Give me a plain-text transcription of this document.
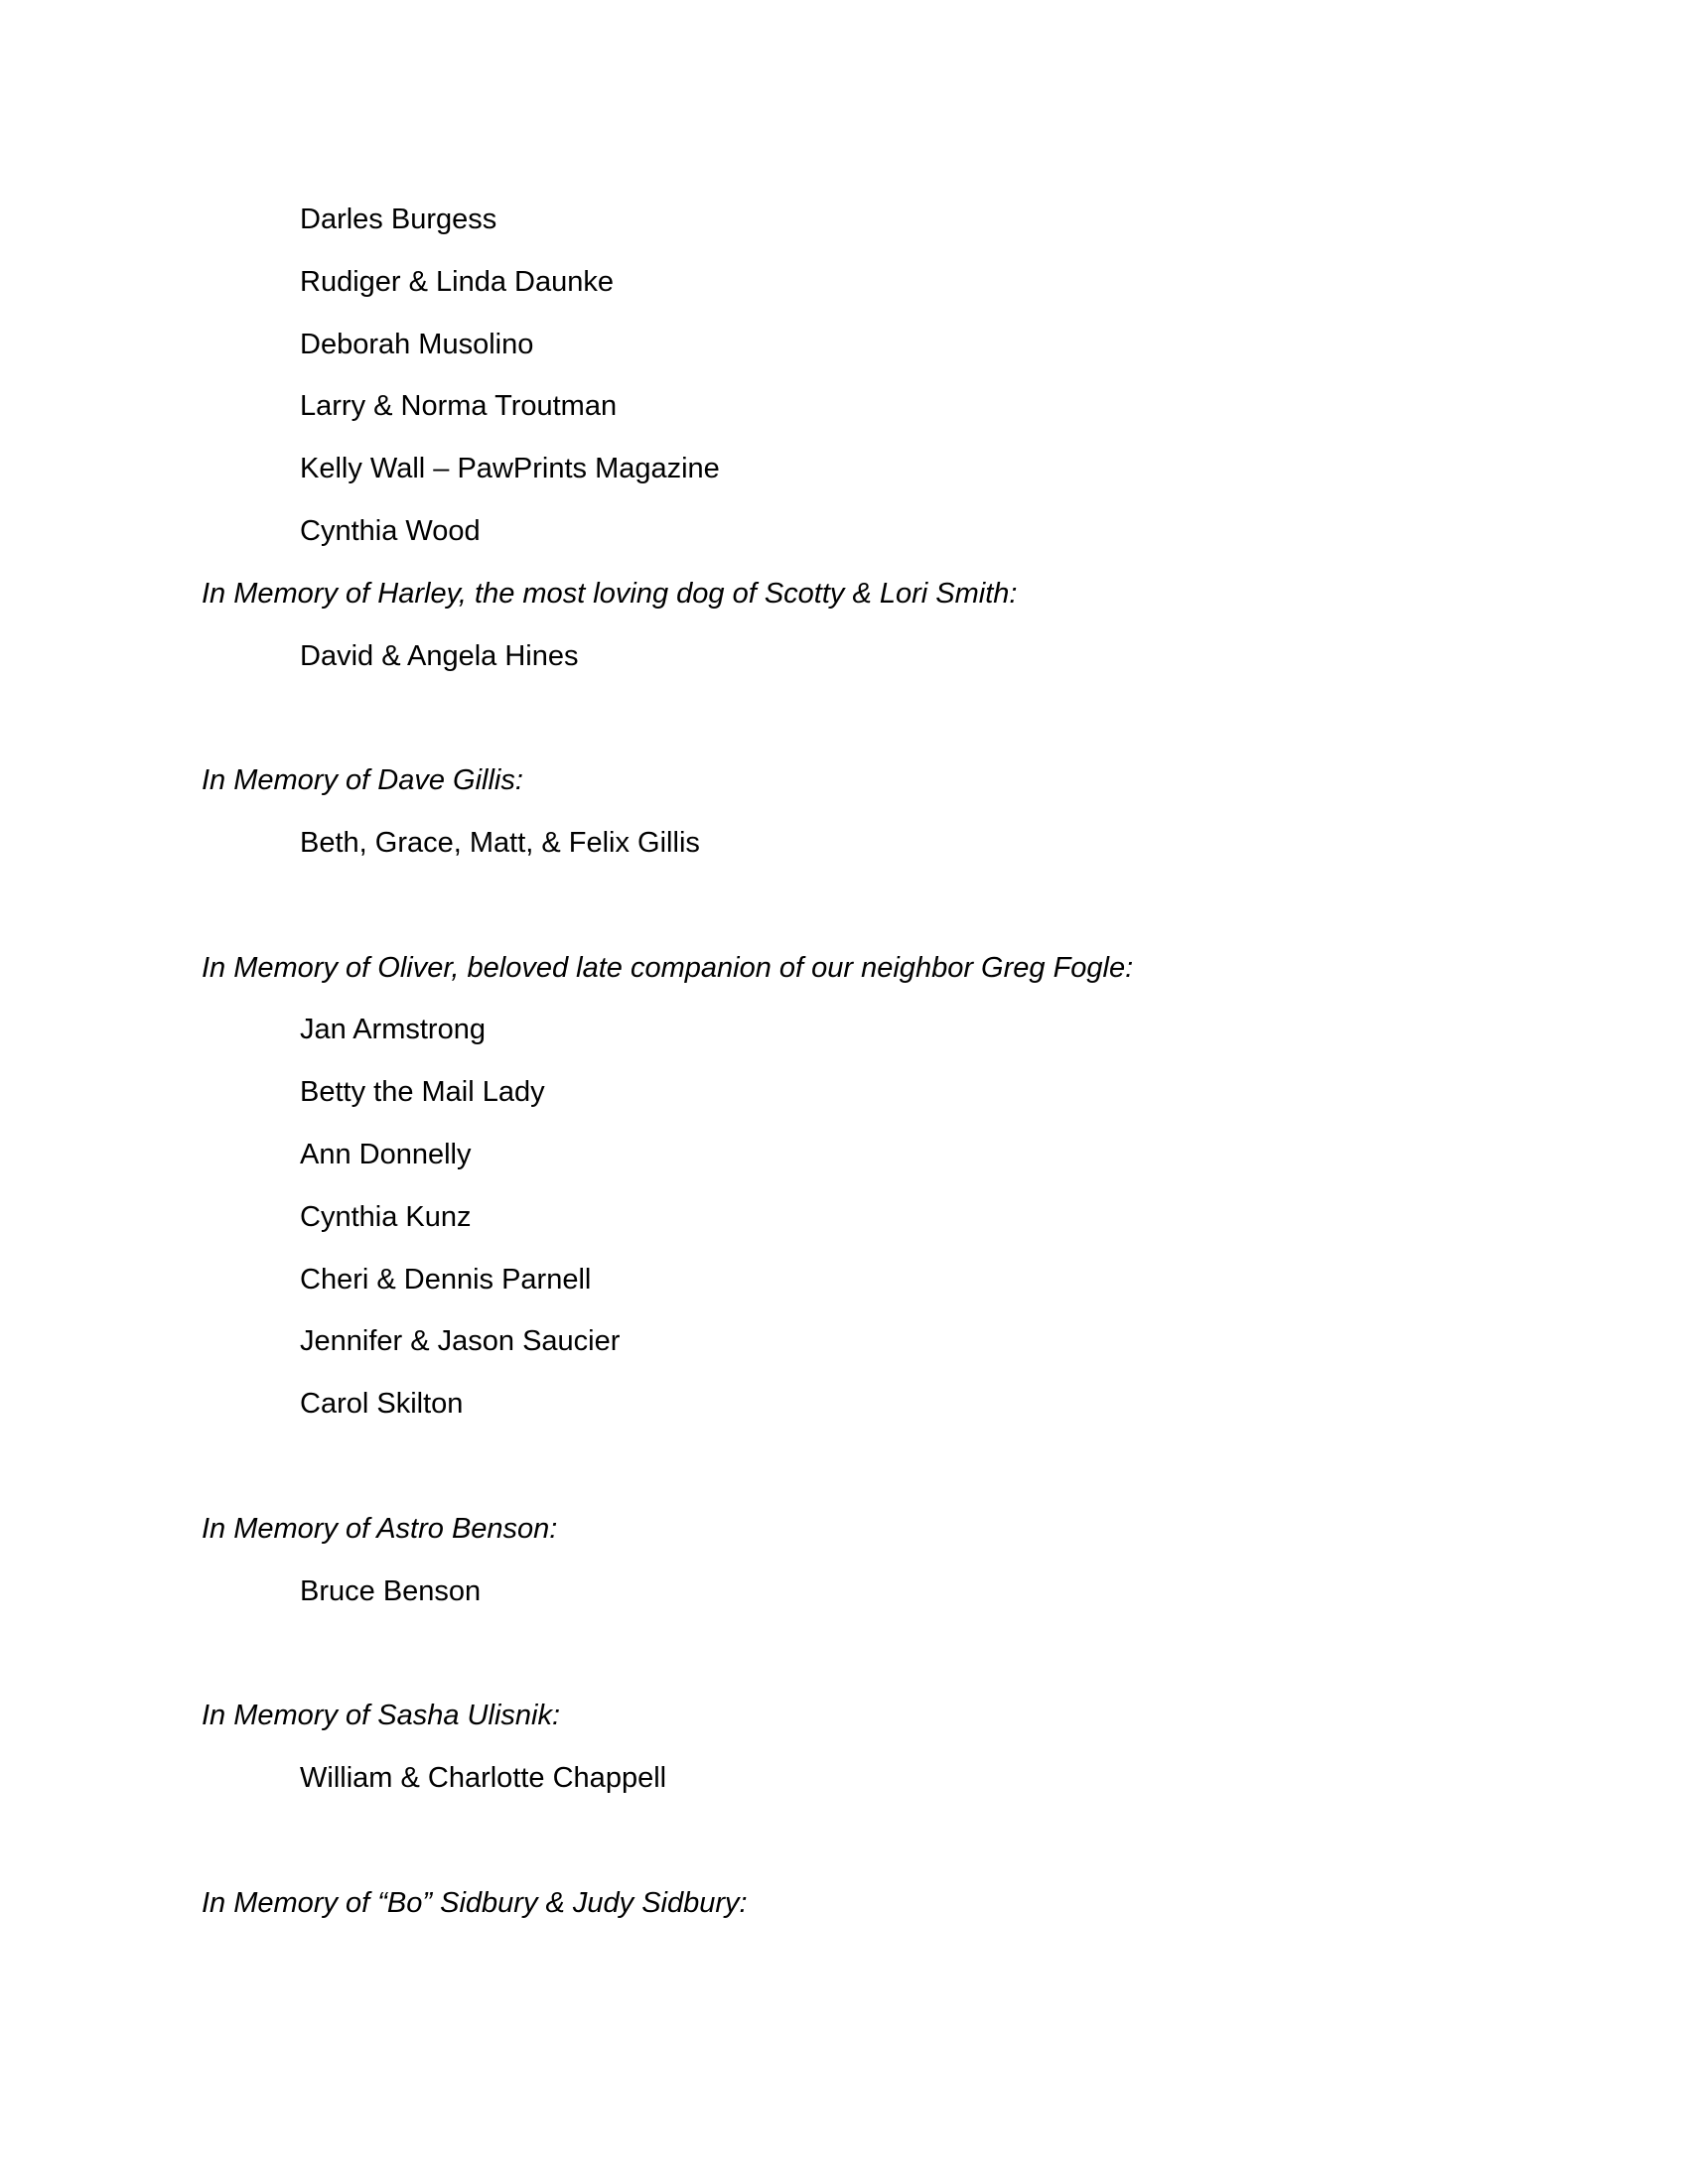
Darles Burgess
Rudiger & Linda Daunke
Deborah Musolino
Larry & Norma Troutman
Kelly Wall – PawPrints Magazine
Cynthia Wood
In Memory of Harley, the most loving dog of Scotty & Lori Smith:
David & Angela Hines
In Memory of Dave Gillis:
Beth, Grace, Matt, & Felix Gillis
In Memory of Oliver, beloved late companion of our neighbor Greg Fogle:
Jan Armstrong
Betty the Mail Lady
Ann Donnelly
Cynthia Kunz
Cheri & Dennis Parnell
Jennifer & Jason Saucier
Carol Skilton
In Memory of Astro Benson:
Bruce Benson
In Memory of Sasha Ulisnik:
William & Charlotte Chappell
In Memory of “Bo” Sidbury & Judy Sidbury:
